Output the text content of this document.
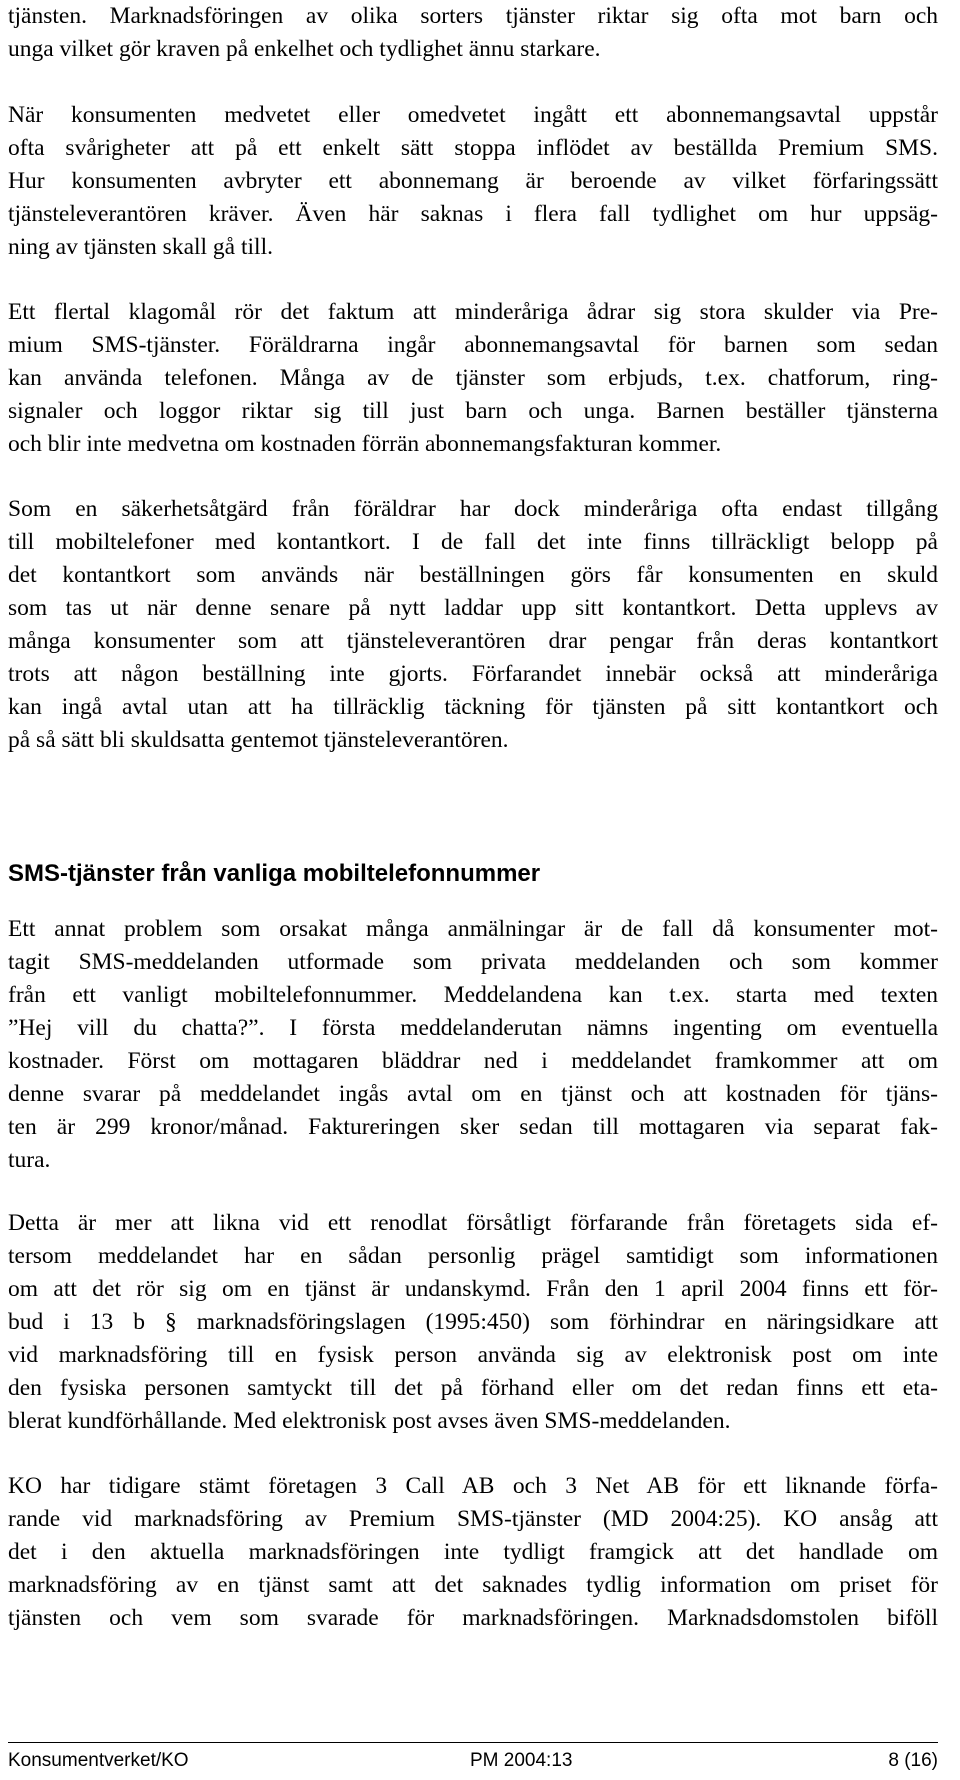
tjänsten. Marknadsföringen av olika sorters tjänster riktar sig ofta mot barn och
unga vilket gör kraven på enkelhet och tydlighet ännu starkare.
När konsumenten medvetet eller omedvetet ingått ett abonnemangsavtal uppstår
ofta svårigheter att på ett enkelt sätt stoppa inflödet av beställda Premium SMS.
Hur konsumenten avbryter ett abonnemang är beroende av vilket förfaringssätt
tjänsteleverantören kräver. Även här saknas i flera fall tydlighet om hur uppsäg-
ning av tjänsten skall gå till.
Ett flertal klagomål rör det faktum att minderåriga ådrar sig stora skulder via Pre-
mium SMS-tjänster. Föräldrarna ingår abonnemangsavtal för barnen som sedan
kan använda telefonen. Många av de tjänster som erbjuds, t.ex. chatforum, ring-
signaler och loggor riktar sig till just barn och unga. Barnen beställer tjänsterna
och blir inte medvetna om kostnaden förrän abonnemangsfakturan kommer.
Som en säkerhetsåtgärd från föräldrar har dock minderåriga ofta endast tillgång
till mobiltelefoner med kontantkort. I de fall det inte finns tillräckligt belopp på
det kontantkort som används när beställningen görs får konsumenten en skuld
som tas ut när denne senare på nytt laddar upp sitt kontantkort. Detta upplevs av
många konsumenter som att tjänsteleverantören drar pengar från deras kontantkort
trots att någon beställning inte gjorts. Förfarandet innebär också att minderåriga
kan ingå avtal utan att ha tillräcklig täckning för tjänsten på sitt kontantkort och
på så sätt bli skuldsatta gentemot tjänsteleverantören.
SMS-tjänster från vanliga mobiltelefonnummer
Ett annat problem som orsakat många anmälningar är de fall då konsumenter mot-
tagit SMS-meddelanden utformade som privata meddelanden och som kommer
från ett vanligt mobiltelefonnummer. Meddelandena kan t.ex. starta med texten
”Hej vill du chatta?”. I första meddelanderutan nämns ingenting om eventuella
kostnader. Först om mottagaren bläddrar ned i meddelandet framkommer att om
denne svarar på meddelandet ingås avtal om en tjänst och att kostnaden för tjäns-
ten är 299 kronor/månad. Faktureringen sker sedan till mottagaren via separat fak-
tura.
Detta är mer att likna vid ett renodlat försåtligt förfarande från företagets sida ef-
tersom meddelandet har en sådan personlig prägel samtidigt som informationen
om att det rör sig om en tjänst är undanskymd. Från den 1 april 2004 finns ett för-
bud i 13 b § marknadsföringslagen (1995:450) som förhindrar en näringsidkare att
vid marknadsföring till en fysisk person använda sig av elektronisk post om inte
den fysiska personen samtyckt till det på förhand eller om det redan finns ett eta-
blerat kundförhållande. Med elektronisk post avses även SMS-meddelanden.
KO har tidigare stämt företagen 3 Call AB och 3 Net AB för ett liknande förfa-
rande vid marknadsföring av Premium SMS-tjänster (MD 2004:25). KO ansåg att
det i den aktuella marknadsföringen inte tydligt framgick att det handlade om
marknadsföring av en tjänst samt att det saknades tydlig information om priset för
tjänsten och vem som svarade för marknadsföringen. Marknadsdomstolen biföll
Konsumentverket/KO	PM 2004:13	8 (16)
